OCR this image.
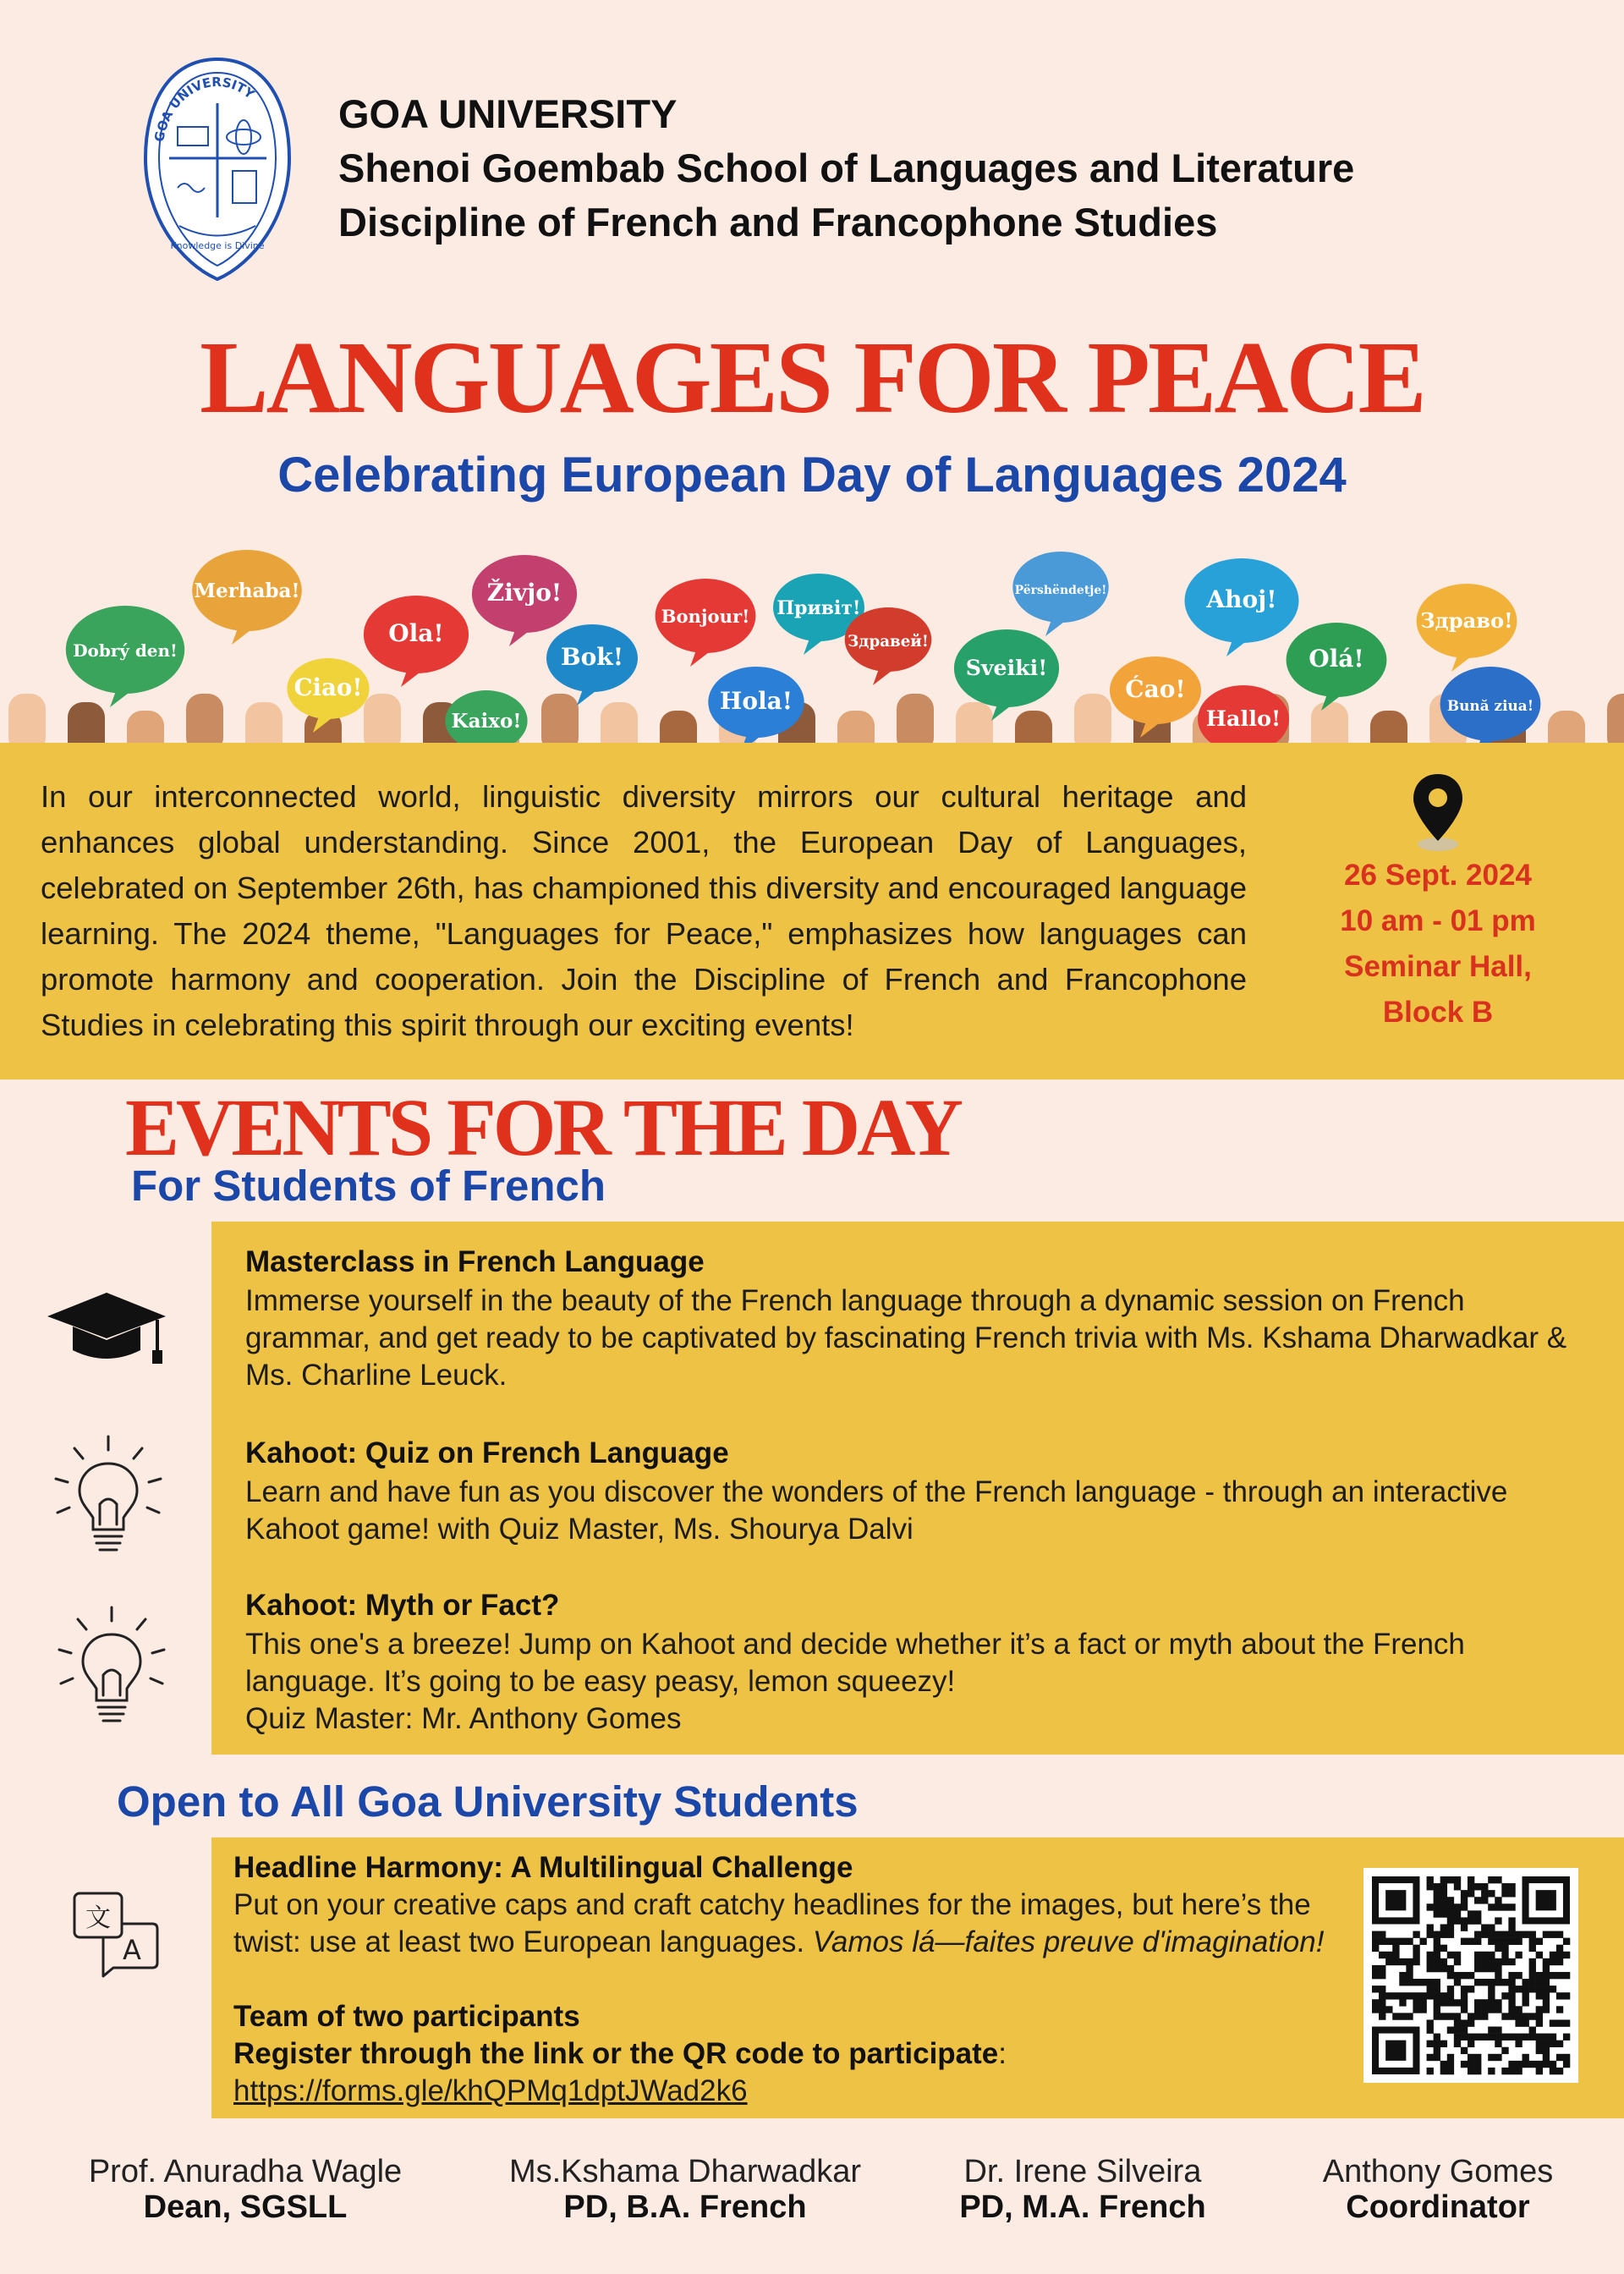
GOA UNIVERSITY
Knowledge is Divine
GOA UNIVERSITY
Shenoi Goembab School of Languages and Literature
Discipline of French and Francophone Studies
LANGUAGES FOR PEACE
Celebrating European Day of Languages 2024
Dobrý den!
Merhaba!
Ciao!
Ola!
Živjo!
Bok!
Kaixo!
Bonjour!
Hola!
Привіт!
Здравей!
Sveiki!
Përshëndetje!
Ćao!
Ahoj!
Hallo!
Olá!
Здраво!
Bună ziua!
In our interconnected world, linguistic diversity mirrors our cultural heritage and enhances global understanding. Since 2001, the European Day of Languages, celebrated on September 26th, has championed this diversity and encouraged language learning. The 2024 theme, "Languages for Peace," emphasizes how languages can promote harmony and cooperation. Join the Discipline of French and Francophone Studies in celebrating this spirit through our exciting events!
26 Sept. 2024
10 am - 01 pm
Seminar Hall,
Block B
EVENTS FOR THE DAY
For Students of French
Masterclass in French Language
Immerse yourself in the beauty of the French language through a dynamic session on French grammar, and get ready to be captivated by fascinating French trivia with Ms. Kshama Dharwadkar & Ms. Charline Leuck.
Kahoot: Quiz on French Language
Learn and have fun as you discover the wonders of the French language - through an interactive Kahoot game! with Quiz Master, Ms. Shourya Dalvi
Kahoot: Myth or Fact?
This one's a breeze! Jump on Kahoot and decide whether it’s a fact or myth about the French language. It’s going to be easy peasy, lemon squeezy!
Quiz Master: Mr. Anthony Gomes
Open to All Goa University Students
文
A
Headline Harmony: A Multilingual Challenge
Put on your creative caps and craft catchy headlines for the images, but here’s the twist: use at least two European languages. Vamos lá—faites preuve d'imagination!
Team of two participants
Register through the link or the QR code to participate:
https://forms.gle/khQPMq1dptJWad2k6
Prof. Anuradha Wagle
Dean, SGSLL
Ms.Kshama Dharwadkar
PD, B.A. French
Dr. Irene Silveira
PD, M.A. French
Anthony Gomes
Coordinator
